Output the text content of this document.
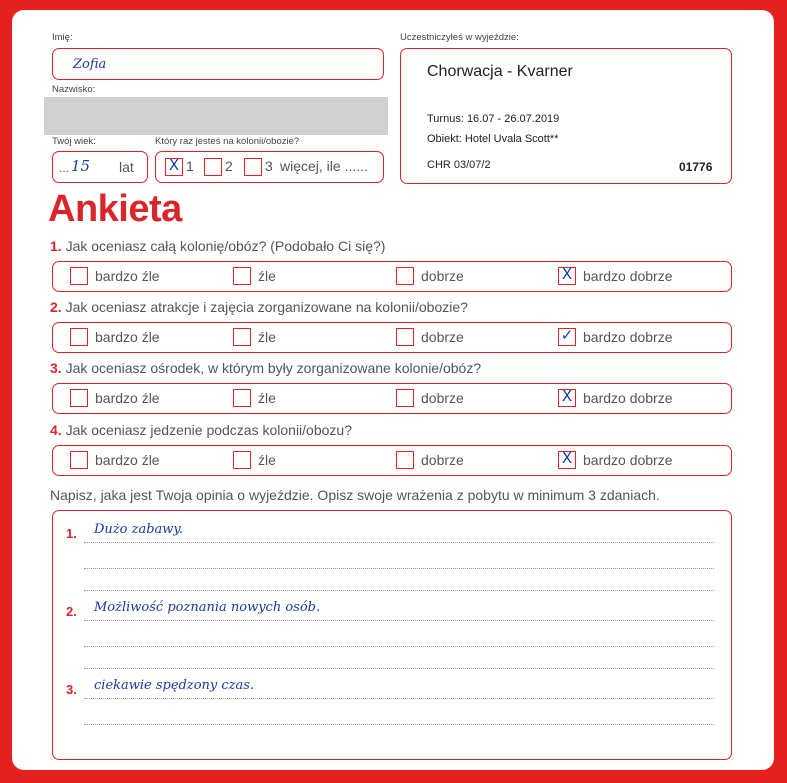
Imię:
Zofia
Nazwisko:
Twój wiek:
... 15 lat
Który raz jesteś na kolonii/obozie?
X 1 2 3 więcej, ile ......
Uczestniczyłeś w wyjeździe:
Chorwacja - Kvarner
Turnus: 16.07 - 26.07.2019
Obiekt: Hotel Uvala Scott**
CHR 03/07/2	01776
Ankieta
1. Jak oceniasz całą kolonię/obóz? (Podobało Ci się?)
bardzo źle	źle	dobrze	X bardzo dobrze
2. Jak oceniasz atrakcje i zajęcia zorganizowane na kolonii/obozie?
bardzo źle	źle	dobrze	✓ bardzo dobrze
3. Jak oceniasz ośrodek, w którym były zorganizowane kolonie/obóz?
bardzo źle	źle	dobrze	X bardzo dobrze
4. Jak oceniasz jedzenie podczas kolonii/obozu?
bardzo źle	źle	dobrze	X bardzo dobrze
Napisz, jaka jest Twoja opinia o wyjeździe. Opisz swoje wrażenia z pobytu w minimum 3 zdaniach.
1. Dużo zabawy.
2. Możliwość poznania nowych osób.
3. ciekawie spędzony czas.
